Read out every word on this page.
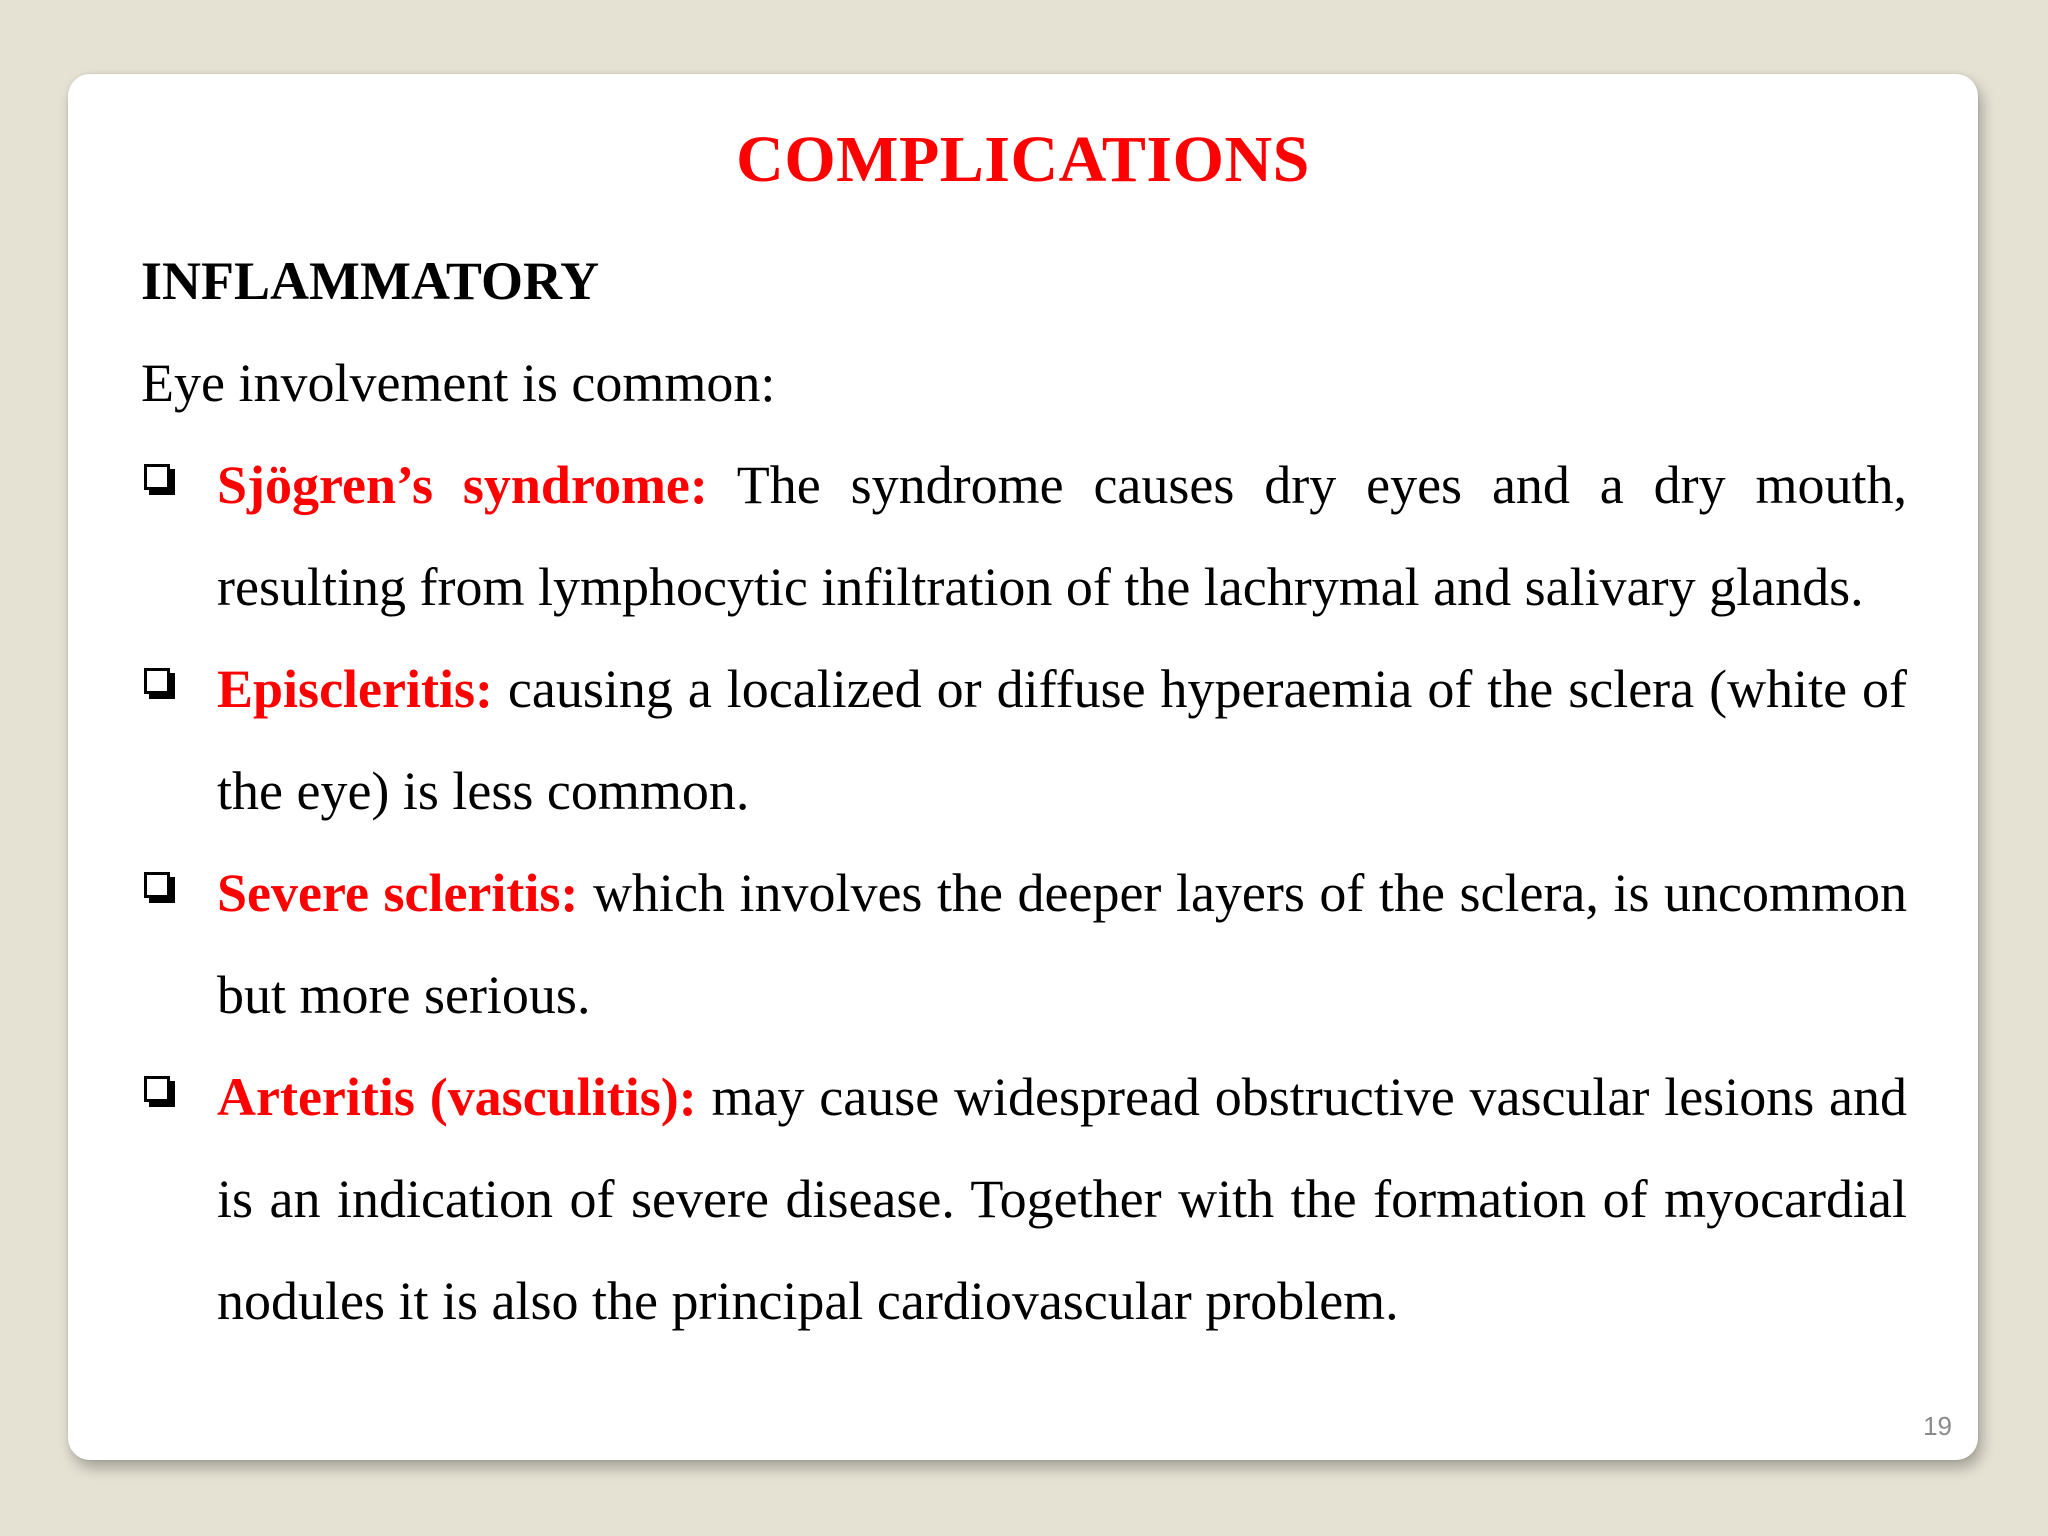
COMPLICATIONS
INFLAMMATORY
Eye involvement is common:
Sjögren’s syndrome: The syndrome causes dry eyes and a dry mouth, resulting from lymphocytic infiltration of the lachrymal and salivary glands.
Episcleritis: causing a localized or diffuse hyperaemia of the sclera (white of the eye) is less common.
Severe scleritis: which involves the deeper layers of the sclera, is uncommon but more serious.
Arteritis (vasculitis): may cause widespread obstructive vascular lesions and is an indication of severe disease. Together with the formation of myocardial nodules it is also the principal cardiovascular problem.
19
